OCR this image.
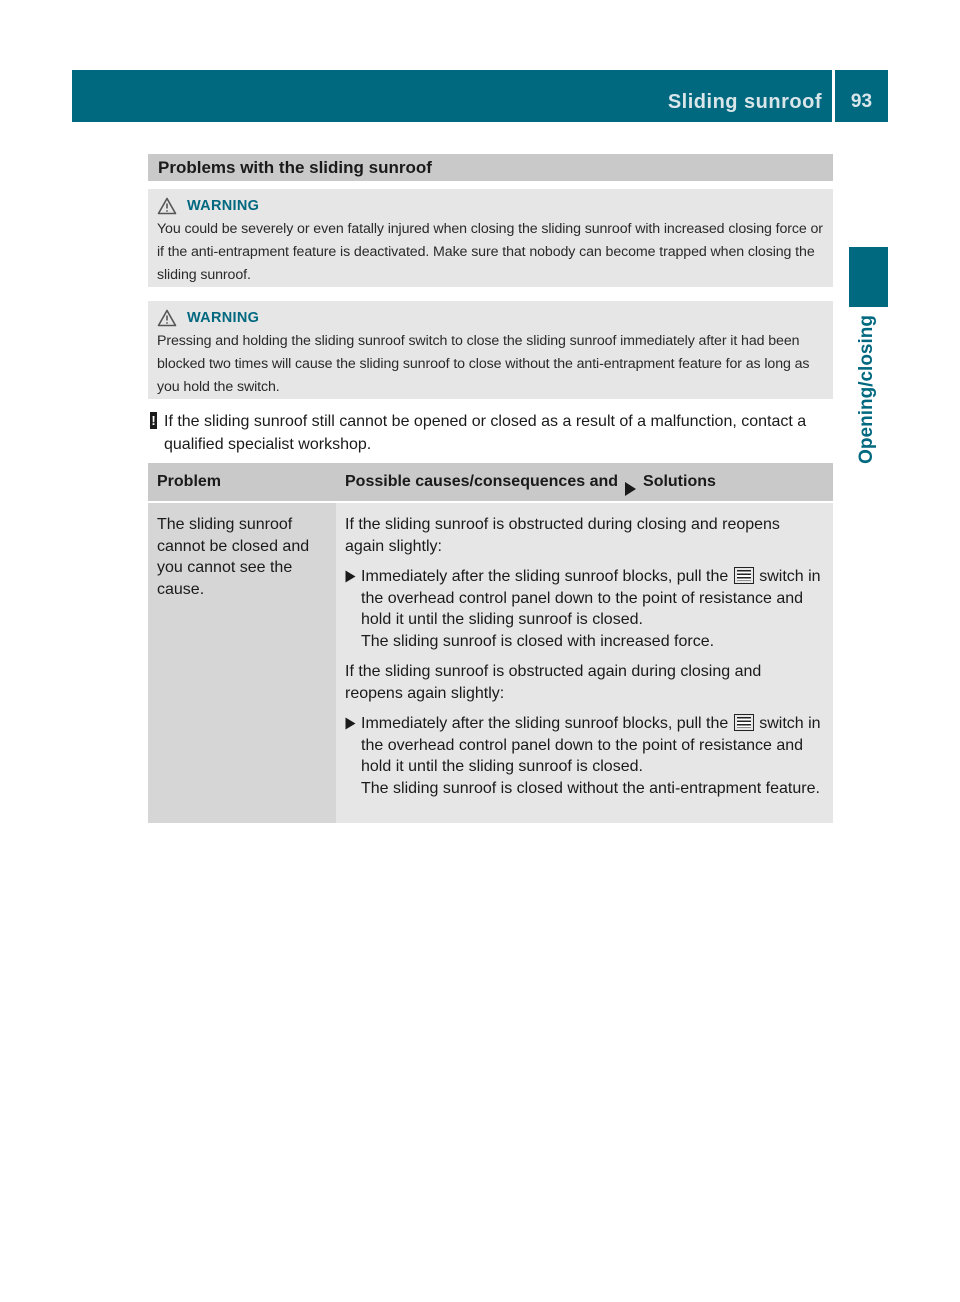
Sliding sunroof	93
Opening/closing
Problems with the sliding sunroof
WARNING
You could be severely or even fatally injured when closing the sliding sunroof with increased closing force or if the anti-entrapment feature is deactivated. Make sure that nobody can become trapped when closing the sliding sunroof.
WARNING
Pressing and holding the sliding sunroof switch to close the sliding sunroof immediately after it had been blocked two times will cause the sliding sunroof to close without the anti-entrapment feature for as long as you hold the switch.
! If the sliding sunroof still cannot be opened or closed as a result of a malfunction, contact a qualified specialist workshop.
Problem	Possible causes/consequences and Solutions
The sliding sunroof cannot be closed and you cannot see the cause.

If the sliding sunroof is obstructed during closing and reopens again slightly:

Immediately after the sliding sunroof blocks, pull the switch in the overhead control panel down to the point of resistance and hold it until the sliding sunroof is closed.
The sliding sunroof is closed with increased force.

If the sliding sunroof is obstructed again during closing and reopens again slightly:

Immediately after the sliding sunroof blocks, pull the switch in the overhead control panel down to the point of resistance and hold it until the sliding sunroof is closed.
The sliding sunroof is closed without the anti-entrapment feature.
